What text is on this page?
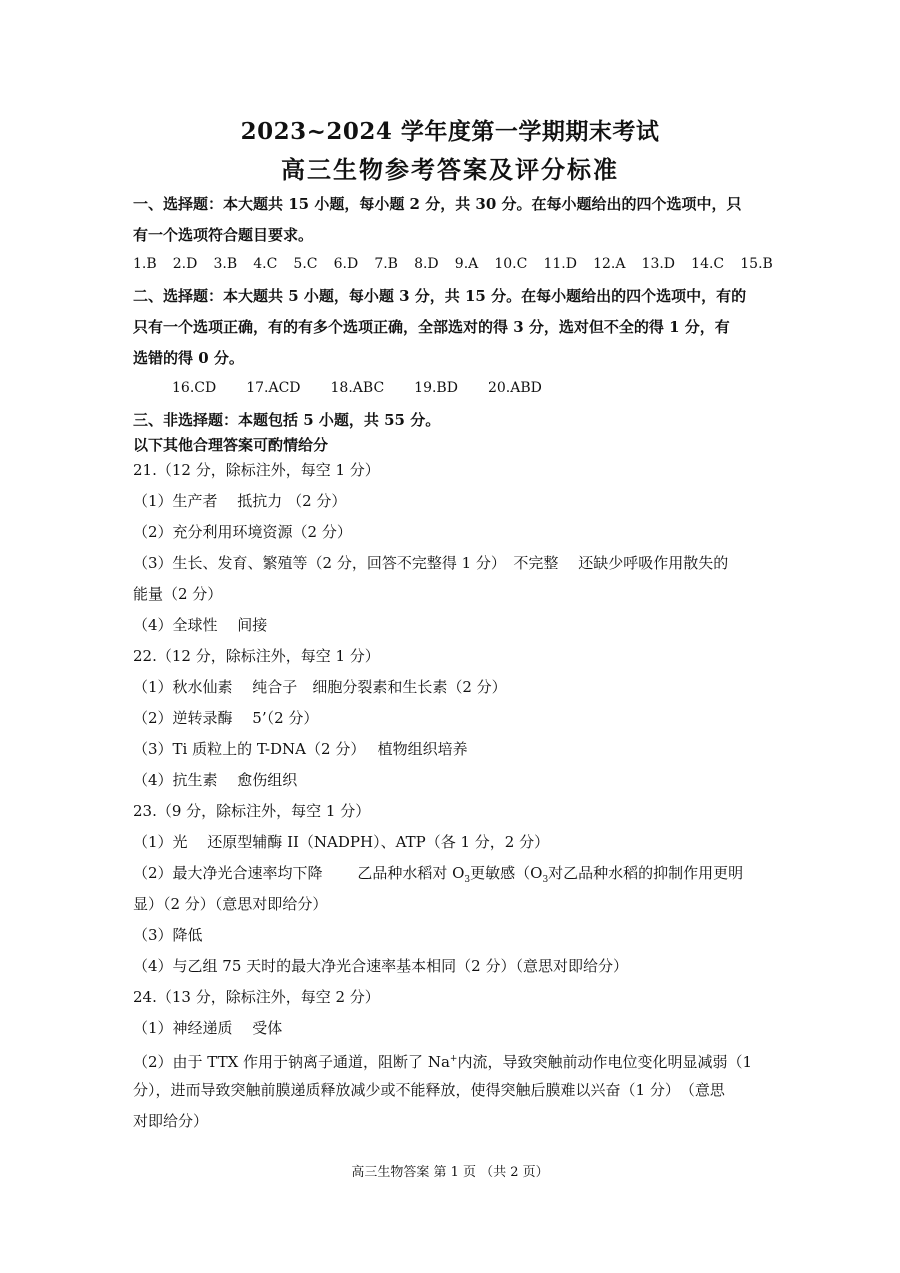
2023~2024 学年度第一学期期末考试
高三生物参考答案及评分标准
一、选择题：本大题共 15 小题，每小题 2 分，共 30 分。在每小题给出的四个选项中，只
有一个选项符合题目要求。
1.B 2.D 3.B 4.C 5.C 6.D 7.B 8.D 9.A 10.C 11.D 12.A 13.D 14.C 15.B
二、选择题：本大题共 5 小题，每小题 3 分，共 15 分。在每小题给出的四个选项中，有的
只有一个选项正确，有的有多个选项正确，全部选对的得 3 分，选对但不全的得 1 分，有
选错的得 0 分。
16.CD 17.ACD 18.ABC 19.BD 20.ABD
三、非选择题：本题包括 5 小题，共 55 分。
以下其他合理答案可酌情给分
21.（12 分，除标注外，每空 1 分）
（1）生产者　 抵抗力 （2 分）
（2）充分利用环境资源（2 分）
（3）生长、发育、繁殖等（2 分，回答不完整得 1 分）　不完整　 还缺少呼吸作用散失的
能量（2 分）
（4）全球性　 间接
22.（12 分，除标注外，每空 1 分）
（1）秋水仙素　 纯合子　细胞分裂素和生长素（2 分）
（2）逆转录酶　 5’（2 分）
（3）Ti 质粒上的 T-DNA（2 分）　 植物组织培养
（4）抗生素　 愈伤组织
23.（9 分，除标注外，每空 1 分）
（1）光　 还原型辅酶 II（NADPH）、ATP（各 1 分，2 分）
（2）最大净光合速率均下降　　 乙品种水稻对 $O_3$更敏感（$O_3$对乙品种水稻的抑制作用更明
显）（2 分）（意思对即给分）
（3）降低
（4）与乙组 75 天时的最大净光合速率基本相同（2 分）（意思对即给分）
24.（13 分，除标注外，每空 2 分）
（1）神经递质　 受体
（2）由于 TTX 作用于钠离子通道，阻断了 Na+内流，导致突触前动作电位变化明显减弱（1
分），进而导致突触前膜递质释放减少或不能释放，使得突触后膜难以兴奋（1 分）　（意思
对即给分）
高三生物答案 第 1 页 （共 2 页）
